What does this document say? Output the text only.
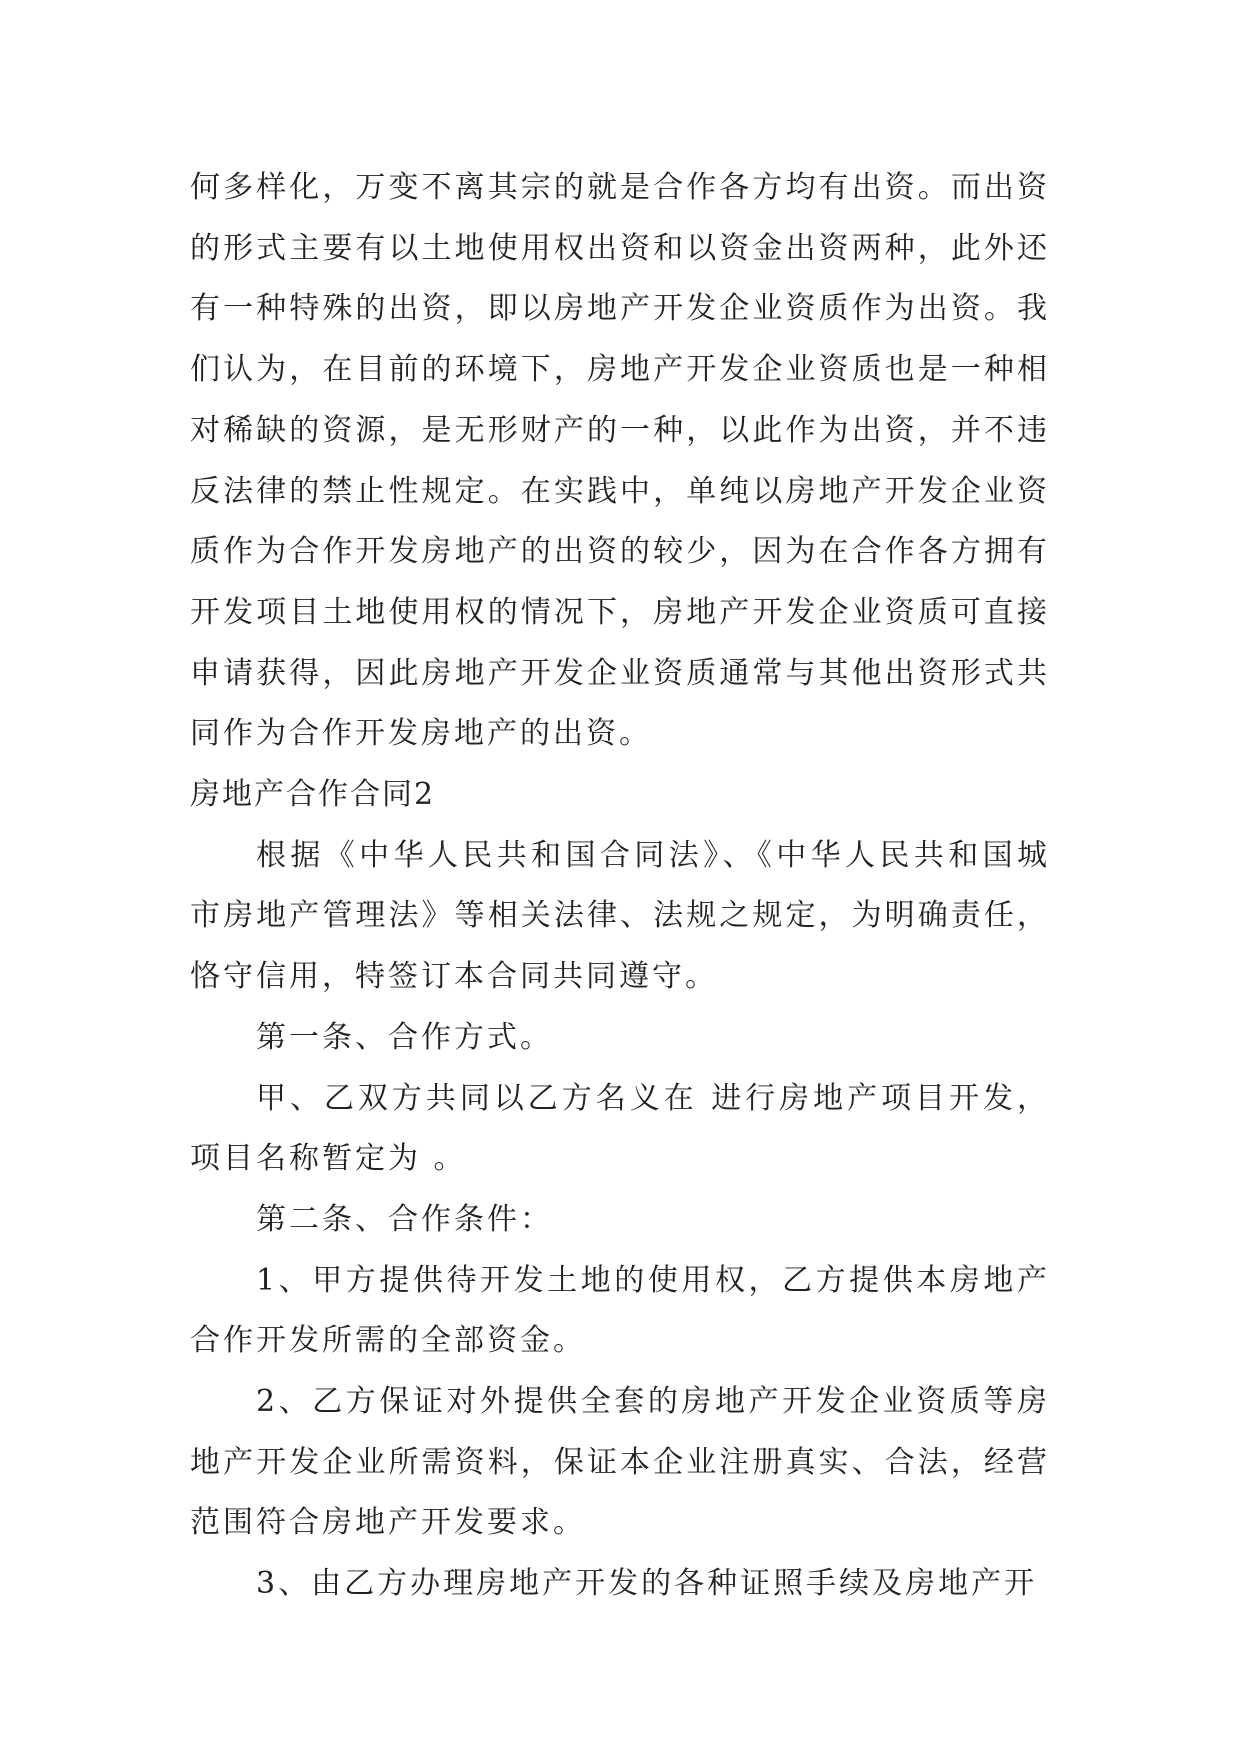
何多样化，万变不离其宗的就是合作各方均有出资。而出资的形式主要有以土地使用权出资和以资金出资两种，此外还有一种特殊的出资，即以房地产开发企业资质作为出资。我们认为，在目前的环境下，房地产开发企业资质也是一种相对稀缺的资源，是无形财产的一种，以此作为出资，并不违反法律的禁止性规定。在实践中，单纯以房地产开发企业资质作为合作开发房地产的出资的较少，因为在合作各方拥有开发项目土地使用权的情况下，房地产开发企业资质可直接申请获得，因此房地产开发企业资质通常与其他出资形式共同作为合作开发房地产的出资。

房地产合作合同2

根据《中华人民共和国合同法》、《中华人民共和国城市房地产管理法》等相关法律、法规之规定，为明确责任，恪守信用，特签订本合同共同遵守。

第一条、合作方式。

甲、乙双方共同以乙方名义在 进行房地产项目开发，项目名称暂定为 。

第二条、合作条件：

1、甲方提供待开发土地的使用权，乙方提供本房地产合作开发所需的全部资金。

2、乙方保证对外提供全套的房地产开发企业资质等房地产开发企业所需资料，保证本企业注册真实、合法，经营范围符合房地产开发要求。

3、由乙方办理房地产开发的各种证照手续及房地产开
